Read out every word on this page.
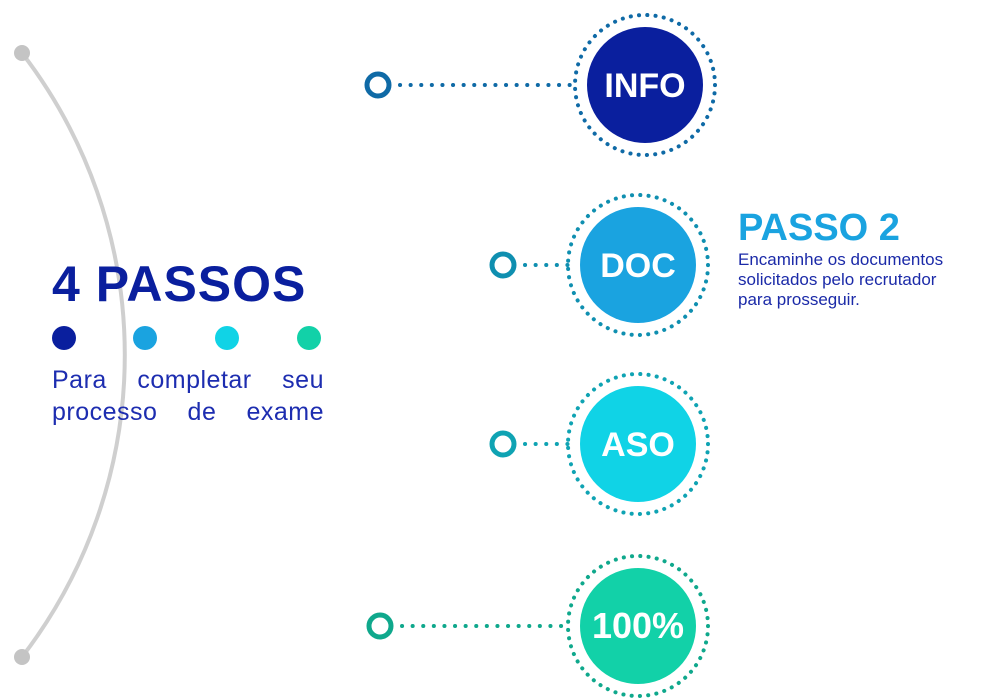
INFO
DOC
ASO
100%
4 PASSOS
Para completar seu processo de exame
PASSO 2
Encaminhe os documentos
solicitados pelo recrutador
para prosseguir.
